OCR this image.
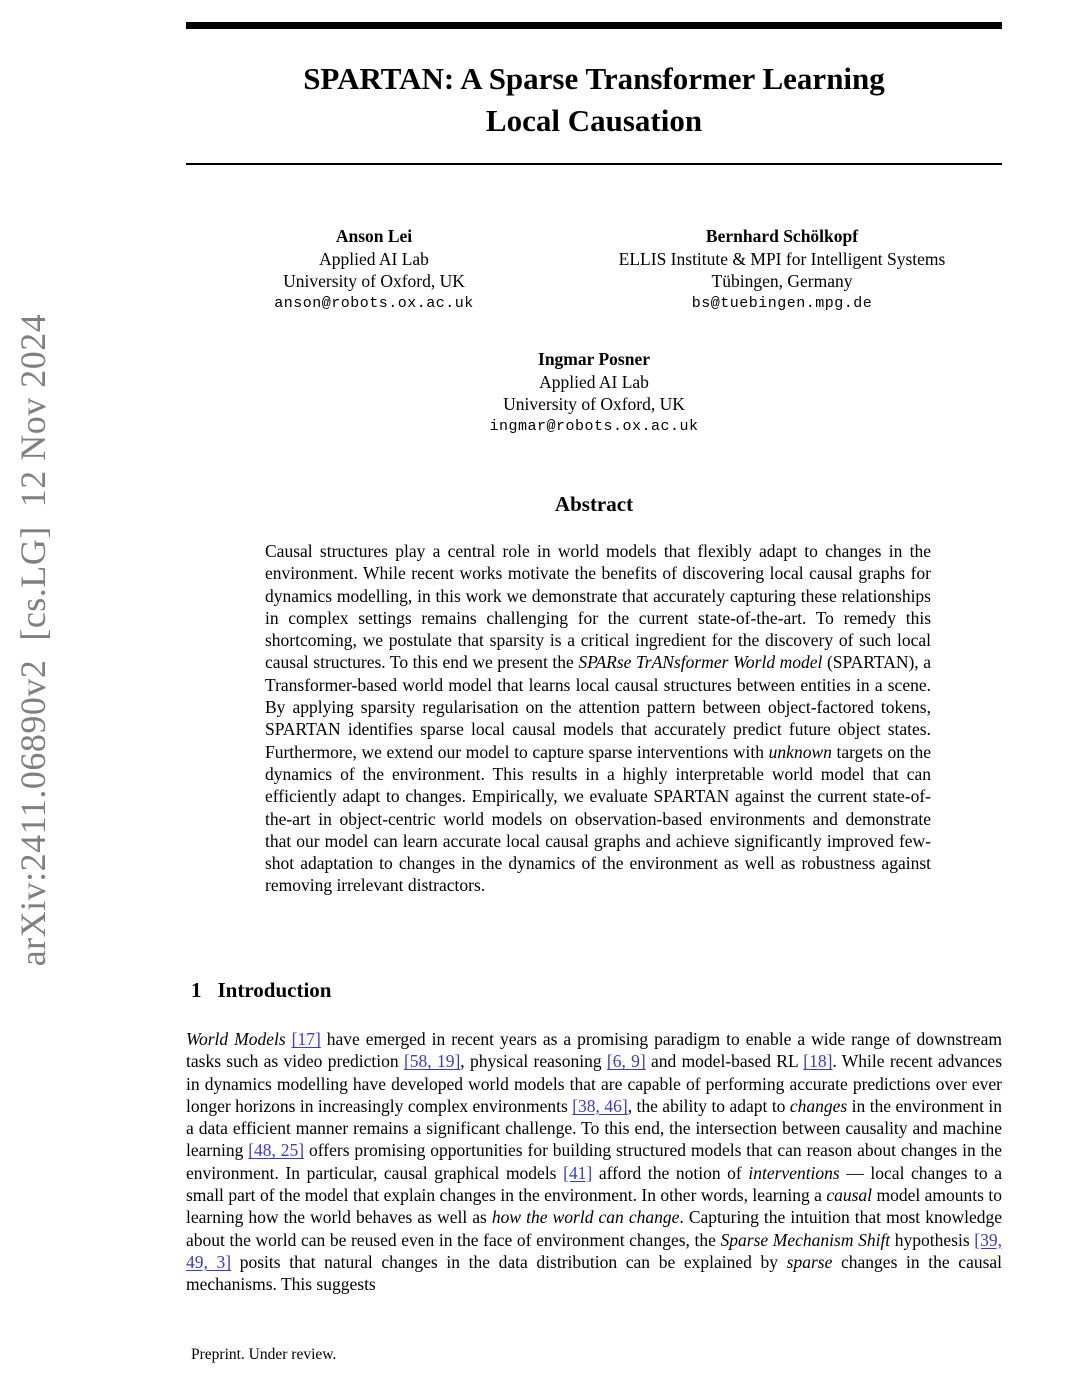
arXiv:2411.06890v2  [cs.LG]  12 Nov 2024
SPARTAN: A Sparse Transformer Learning
Local Causation
Anson Lei
Applied AI Lab
University of Oxford, UK
anson@robots.ox.ac.uk
Bernhard Schölkopf
ELLIS Institute & MPI for Intelligent Systems
Tübingen, Germany
bs@tuebingen.mpg.de
Ingmar Posner
Applied AI Lab
University of Oxford, UK
ingmar@robots.ox.ac.uk
Abstract
Causal structures play a central role in world models that flexibly adapt to changes in the environment. While recent works motivate the benefits of discovering local causal graphs for dynamics modelling, in this work we demonstrate that accurately capturing these relationships in complex settings remains challenging for the current state-of-the-art. To remedy this shortcoming, we postulate that sparsity is a critical ingredient for the discovery of such local causal structures. To this end we present the SPARse TrANsformer World model (SPARTAN), a Transformer-based world model that learns local causal structures between entities in a scene. By applying sparsity regularisation on the attention pattern between object-factored tokens, SPARTAN identifies sparse local causal models that accurately predict future object states. Furthermore, we extend our model to capture sparse interventions with unknown targets on the dynamics of the environment. This results in a highly interpretable world model that can efficiently adapt to changes. Empirically, we evaluate SPARTAN against the current state-of-the-art in object-centric world models on observation-based environments and demonstrate that our model can learn accurate local causal graphs and achieve significantly improved few-shot adaptation to changes in the dynamics of the environment as well as robustness against removing irrelevant distractors.
1 Introduction
World Models [17] have emerged in recent years as a promising paradigm to enable a wide range of downstream tasks such as video prediction [58, 19], physical reasoning [6, 9] and model-based RL [18]. While recent advances in dynamics modelling have developed world models that are capable of performing accurate predictions over ever longer horizons in increasingly complex environments [38, 46], the ability to adapt to changes in the environment in a data efficient manner remains a significant challenge. To this end, the intersection between causality and machine learning [48, 25] offers promising opportunities for building structured models that can reason about changes in the environment. In particular, causal graphical models [41] afford the notion of interventions — local changes to a small part of the model that explain changes in the environment. In other words, learning a causal model amounts to learning how the world behaves as well as how the world can change. Capturing the intuition that most knowledge about the world can be reused even in the face of environment changes, the Sparse Mechanism Shift hypothesis [39, 49, 3] posits that natural changes in the data distribution can be explained by sparse changes in the causal mechanisms. This suggests
Preprint. Under review.
